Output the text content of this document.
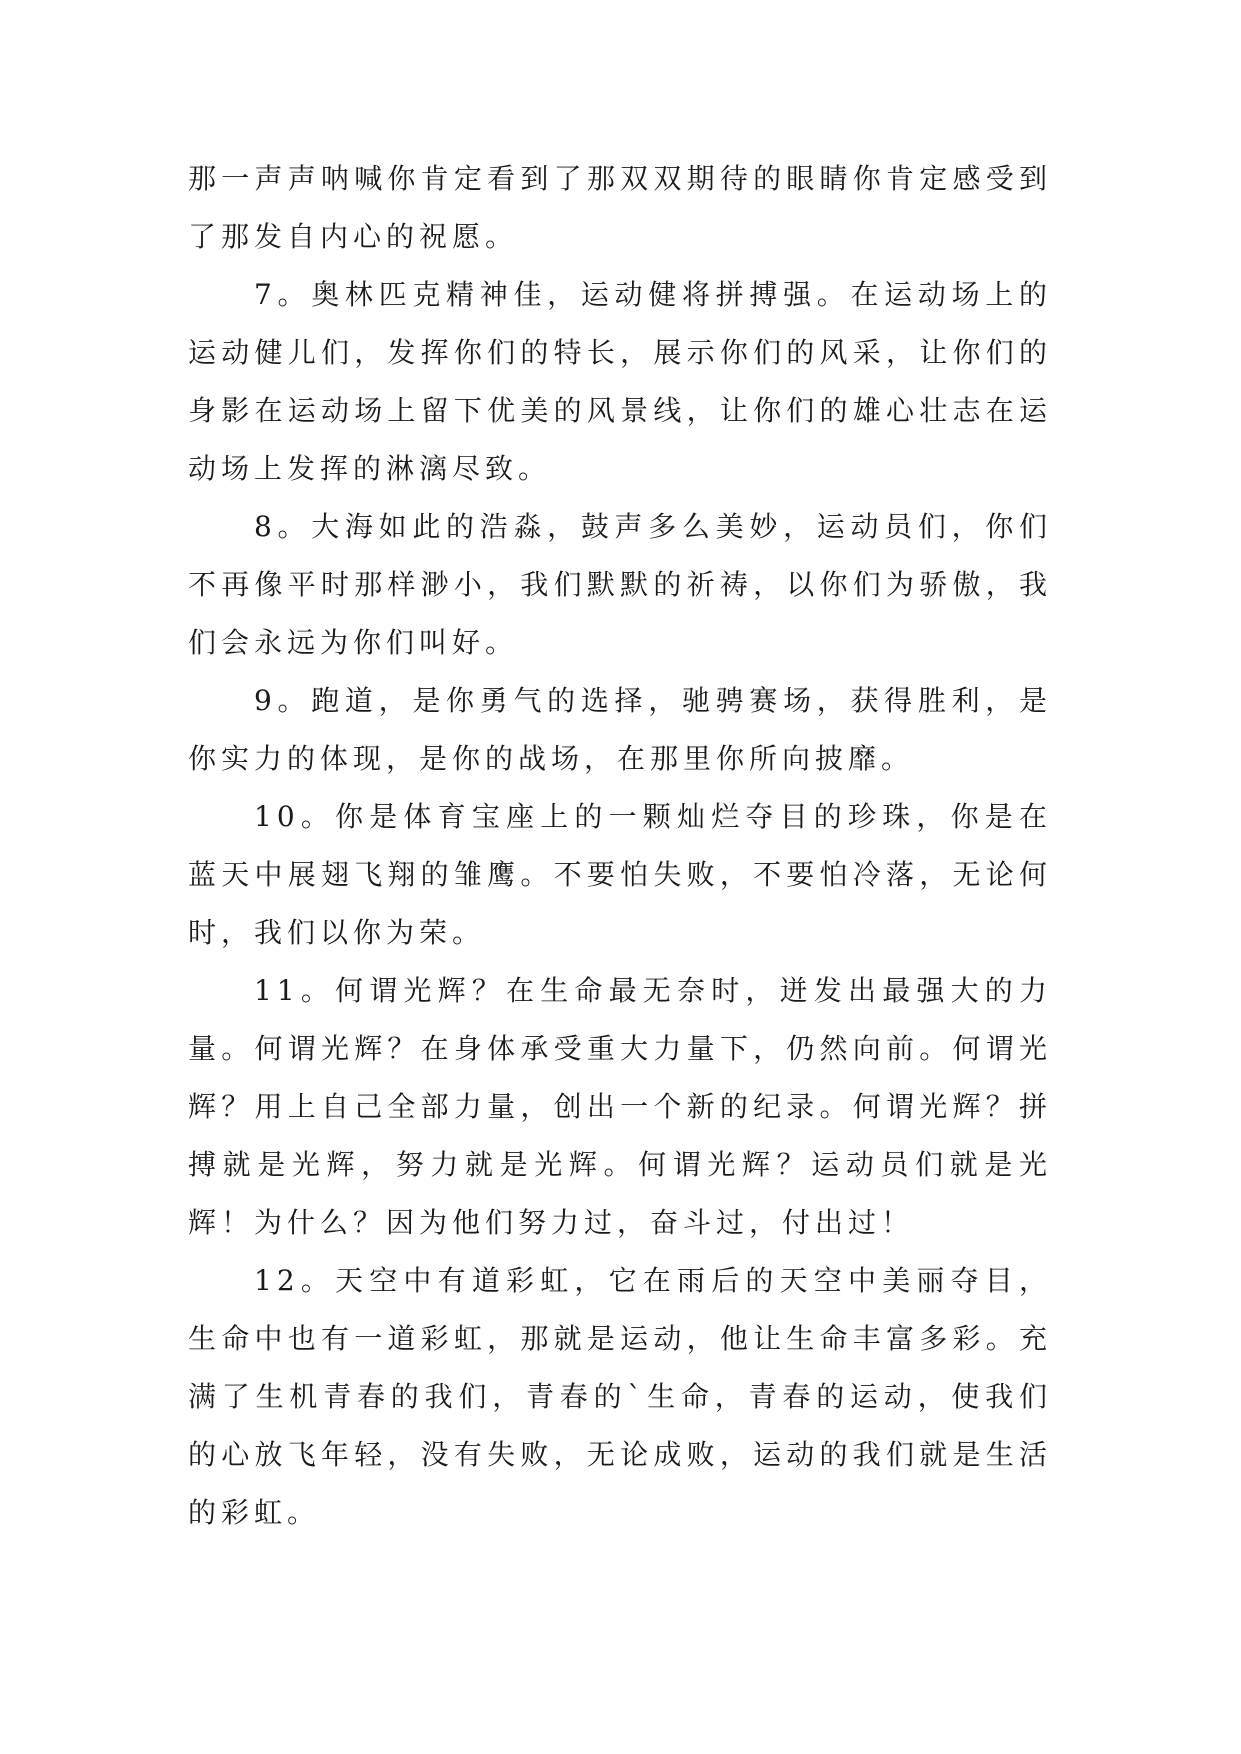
那一声声呐喊你肯定看到了那双双期待的眼睛你肯定感受到了那发自内心的祝愿。

7。奥林匹克精神佳，运动健将拼搏强。在运动场上的运动健儿们，发挥你们的特长，展示你们的风采，让你们的身影在运动场上留下优美的风景线，让你们的雄心壮志在运动场上发挥的淋漓尽致。

8。大海如此的浩淼，鼓声多么美妙，运动员们，你们不再像平时那样渺小，我们默默的祈祷，以你们为骄傲，我们会永远为你们叫好。

9。跑道，是你勇气的选择，驰骋赛场，获得胜利，是你实力的体现，是你的战场，在那里你所向披靡。

10。你是体育宝座上的一颗灿烂夺目的珍珠，你是在蓝天中展翅飞翔的雏鹰。不要怕失败，不要怕冷落，无论何时，我们以你为荣。

11。何谓光辉？在生命最无奈时，迸发出最强大的力量。何谓光辉？在身体承受重大力量下，仍然向前。何谓光辉？用上自己全部力量，创出一个新的纪录。何谓光辉？拼搏就是光辉，努力就是光辉。何谓光辉？运动员们就是光辉！为什么？因为他们努力过，奋斗过，付出过！

12。天空中有道彩虹，它在雨后的天空中美丽夺目，生命中也有一道彩虹，那就是运动，他让生命丰富多彩。充满了生机青春的我们，青春的`生命，青春的运动，使我们的心放飞年轻，没有失败，无论成败，运动的我们就是生活的彩虹。
